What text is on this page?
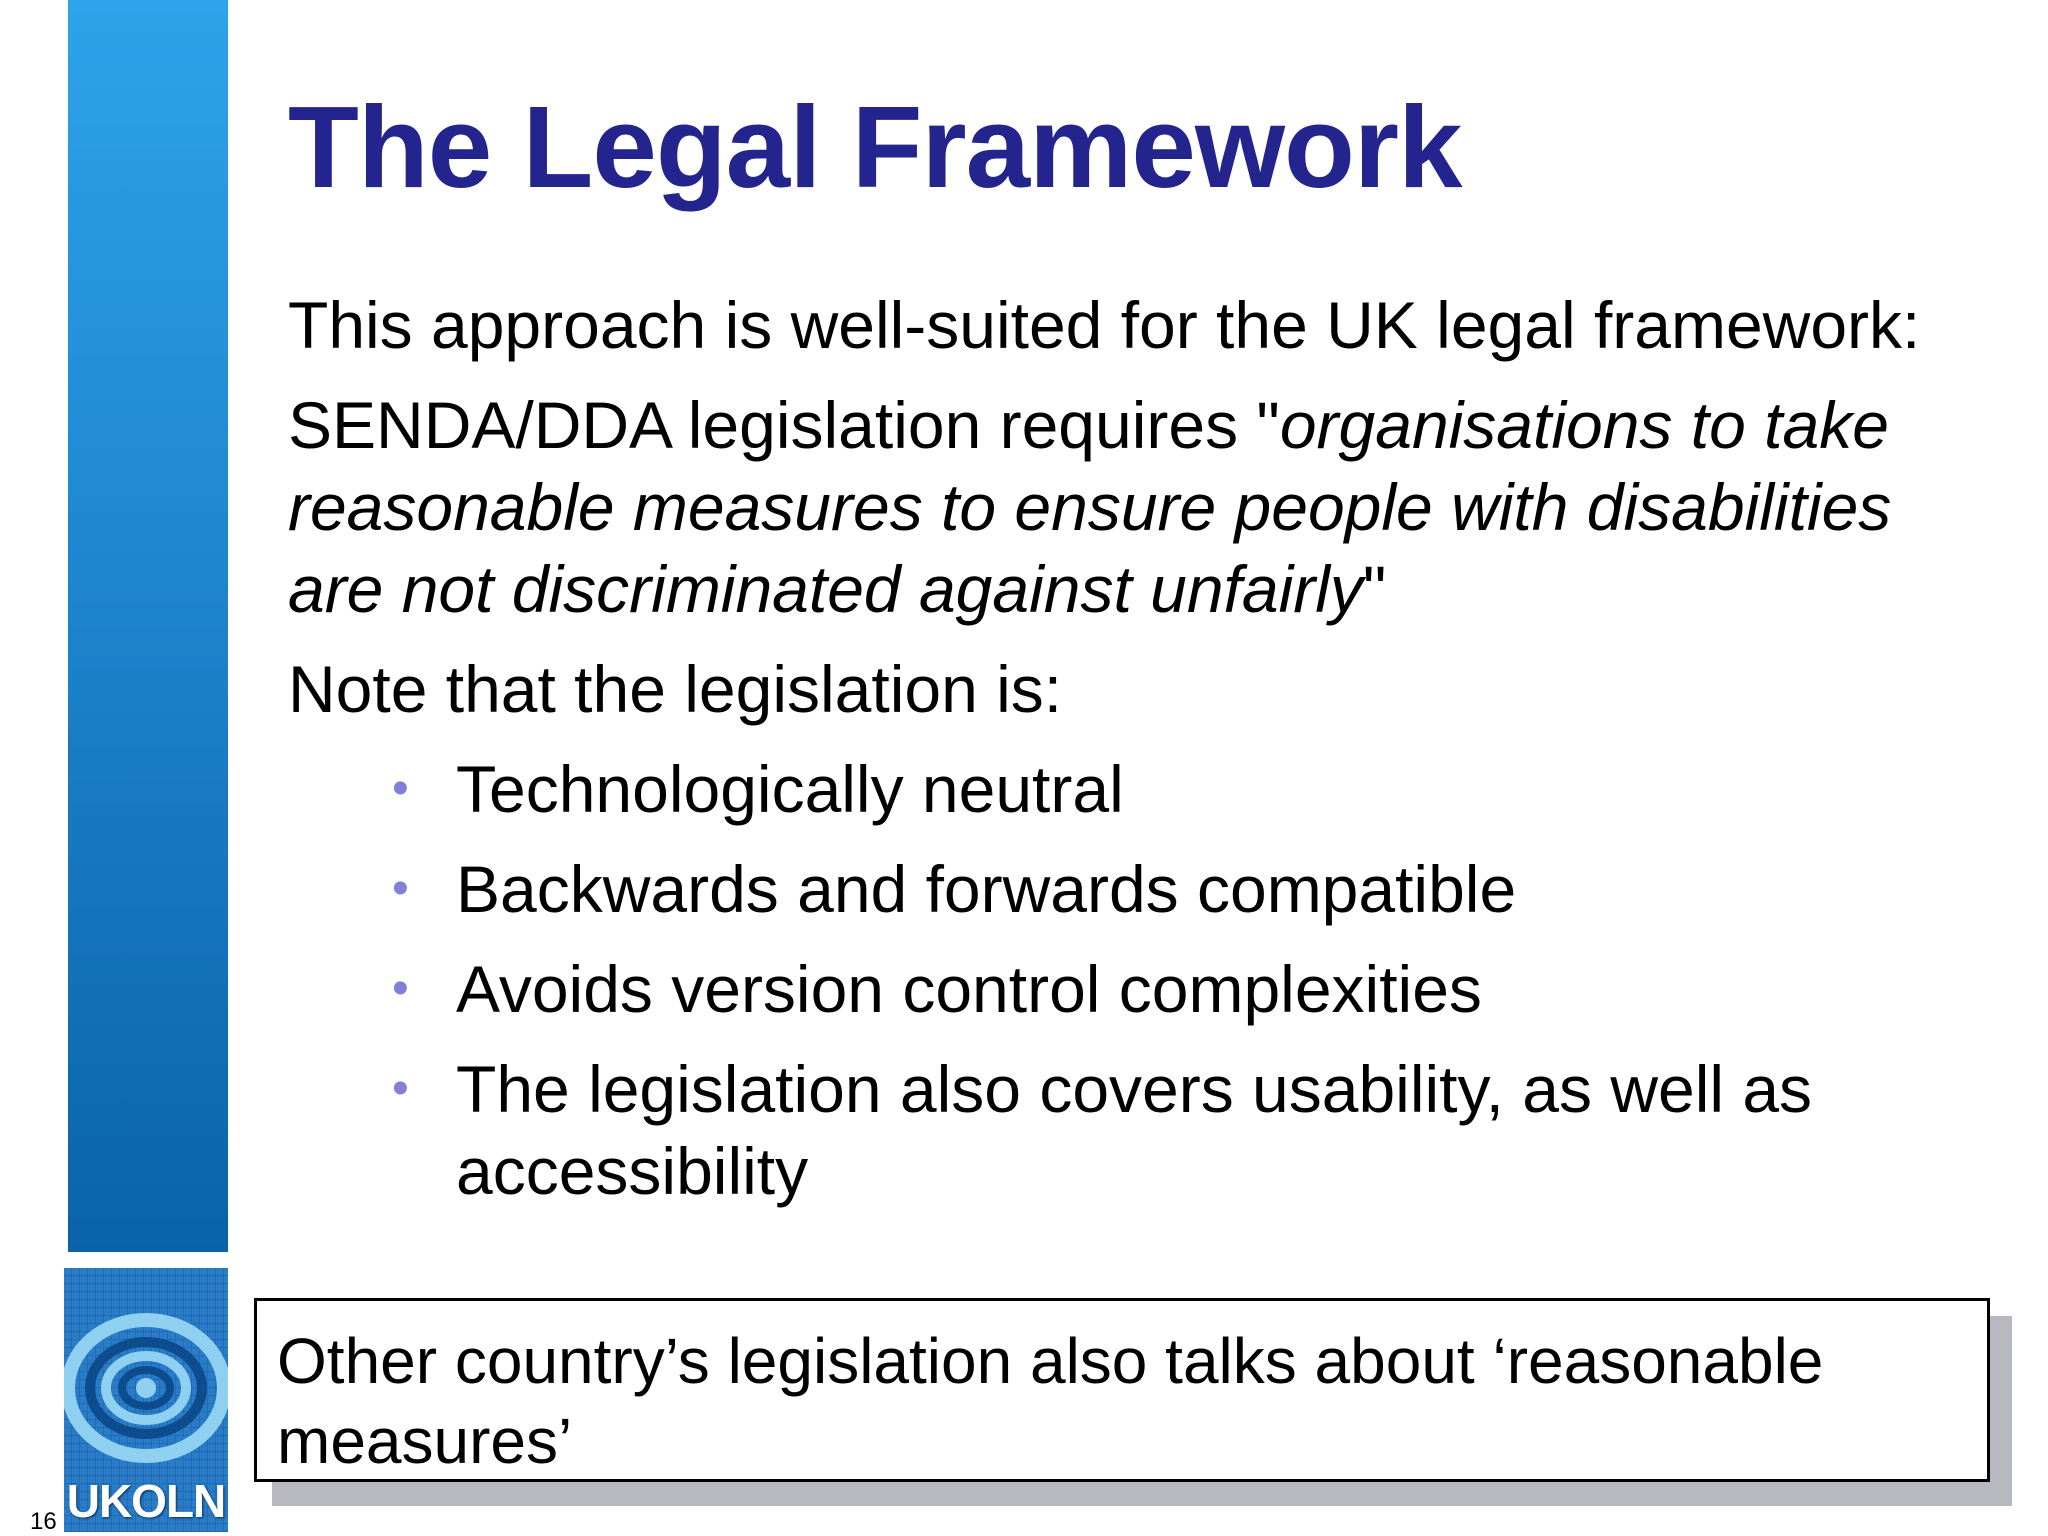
The Legal Framework

This approach is well-suited for the UK legal framework:

SENDA/DDA legislation requires "organisations to take reasonable measures to ensure people with disabilities are not discriminated against unfairly"

Note that the legislation is:

• Technologically neutral
• Backwards and forwards compatible
• Avoids version control complexities
• The legislation also covers usability, as well as accessibility
UKOLN
16
Other country’s legislation also talks about ‘reasonable measures’
